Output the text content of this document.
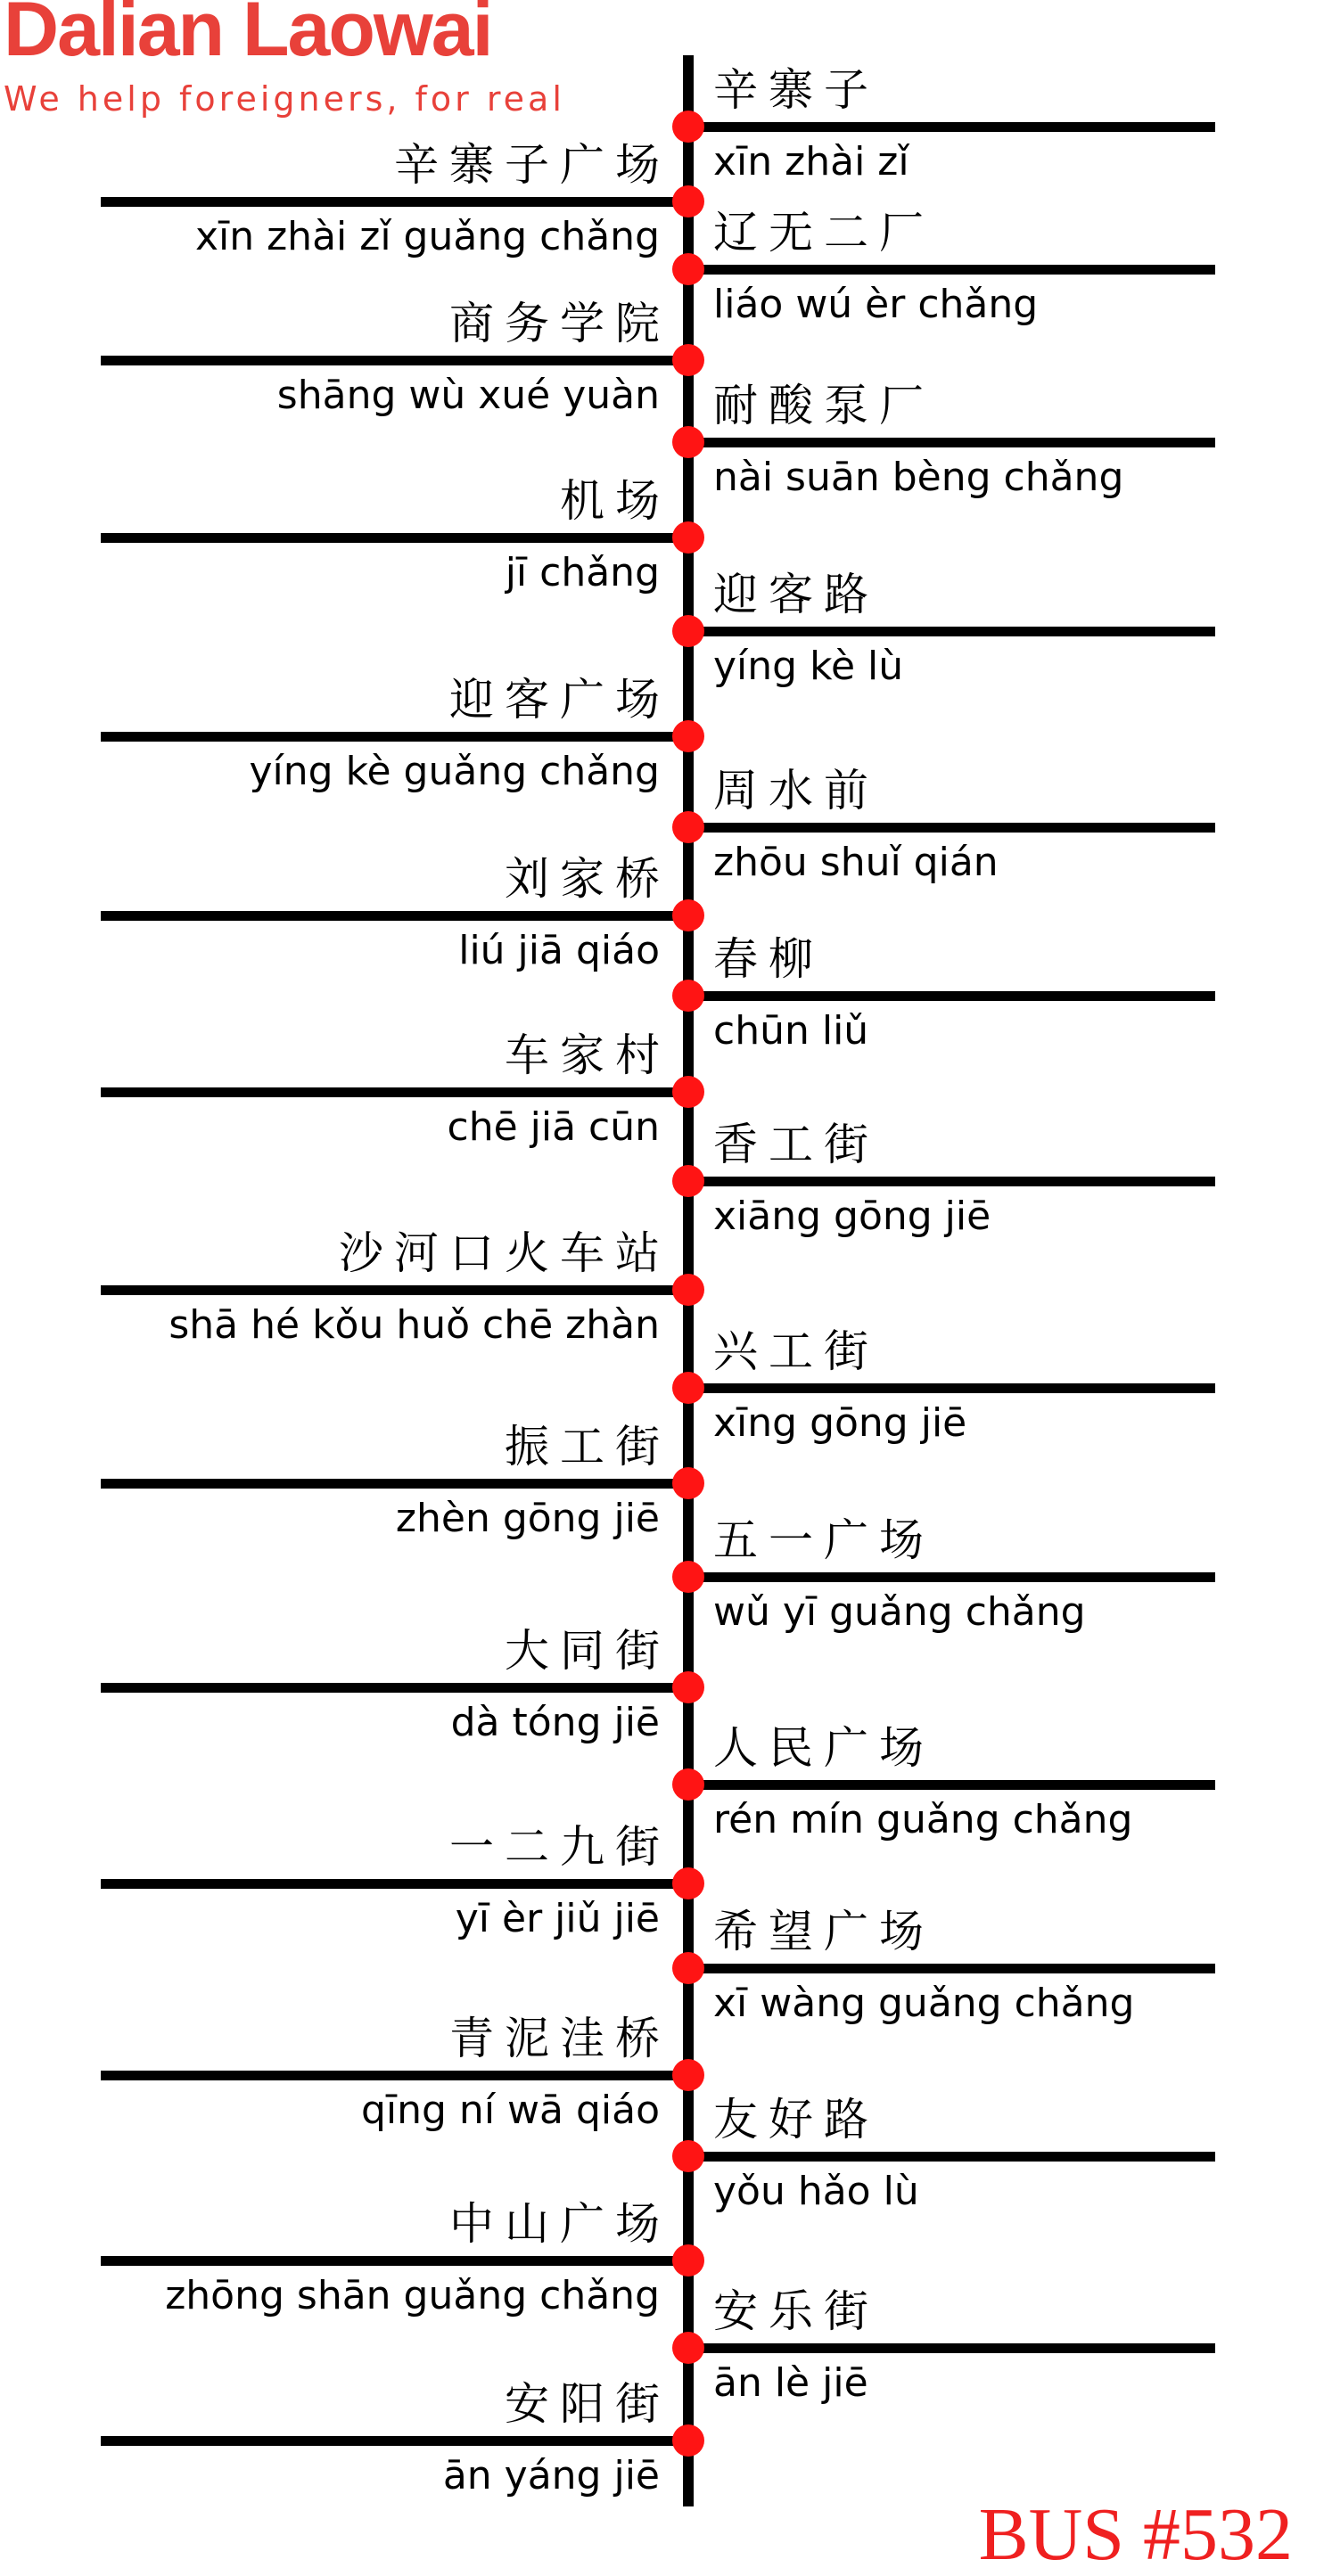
Dalian Laowai
We help foreigners, for real	辛寨子
xīn zhài zǐ
辛寨子广场
xīn zhài zǐ guǎng chǎng 辽无二厂
liáo wú èr chǎng
商务学院
shāng wù xué yuàn 耐酸泵厂
nài suān bèng chǎng
机场
jī chǎng 迎客路
yíng kè lù
迎客广场
yíng kè guǎng chǎng 周水前
zhōu shuǐ qián
刘家桥
liú jiā qiáo 春柳
chūn liǔ
车家村
chē jiā cūn 香工街
xiāng gōng jiē
沙河口火车站
shā hé kǒu huǒ chē zhàn
兴工街
xīng gōng jiē
振工街
zhèn gōng jiē 五一广场
wǔ yī guǎng chǎng
大同街
dà tóng jiē 人民广场
rén mín guǎng chǎng
一二九街
yī èr jiǔ jiē 希望广场
xī wàng guǎng chǎng
青泥洼桥
qīng ní wā qiáo 友好路
yǒu hǎo lù
中山广场
zhōng shān guǎng chǎng 安乐街
ān lè jiē
安阳街
ān yáng jiē
BUS #532
